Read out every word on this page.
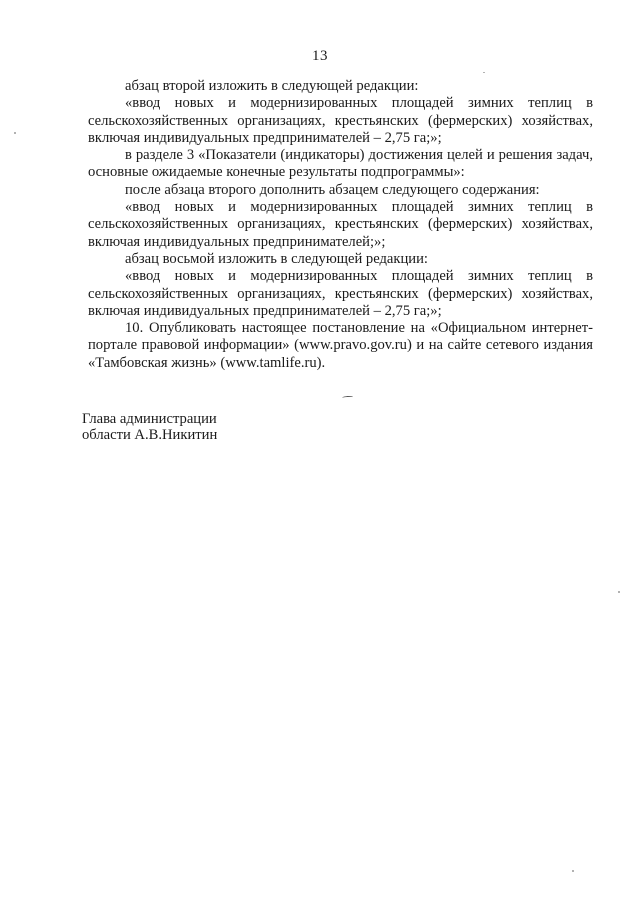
13

абзац второй изложить в следующей редакции:

«ввод новых и модернизированных площадей зимних теплиц в сельскохозяйственных организациях, крестьянских (фермерских) хозяйствах, включая индивидуальных предпринимателей – 2,75 га;»;

в разделе 3 «Показатели (индикаторы) достижения целей и решения задач, основные ожидаемые конечные результаты подпрограммы»:

после абзаца второго дополнить абзацем следующего содержания:

«ввод новых и модернизированных площадей зимних теплиц в сельскохозяйственных организациях, крестьянских (фермерских) хозяйствах, включая индивидуальных предпринимателей;»;

абзац восьмой изложить в следующей редакции:

«ввод новых и модернизированных площадей зимних теплиц в сельскохозяйственных организациях, крестьянских (фермерских) хозяйствах, включая индивидуальных предпринимателей – 2,75 га;»;

10. Опубликовать настоящее постановление на «Официальном интернет-портале правовой информации» (www.pravo.gov.ru) и на сайте сетевого издания «Тамбовская жизнь» (www.tamlife.ru).

Глава администрации
области А.В.Никитин
